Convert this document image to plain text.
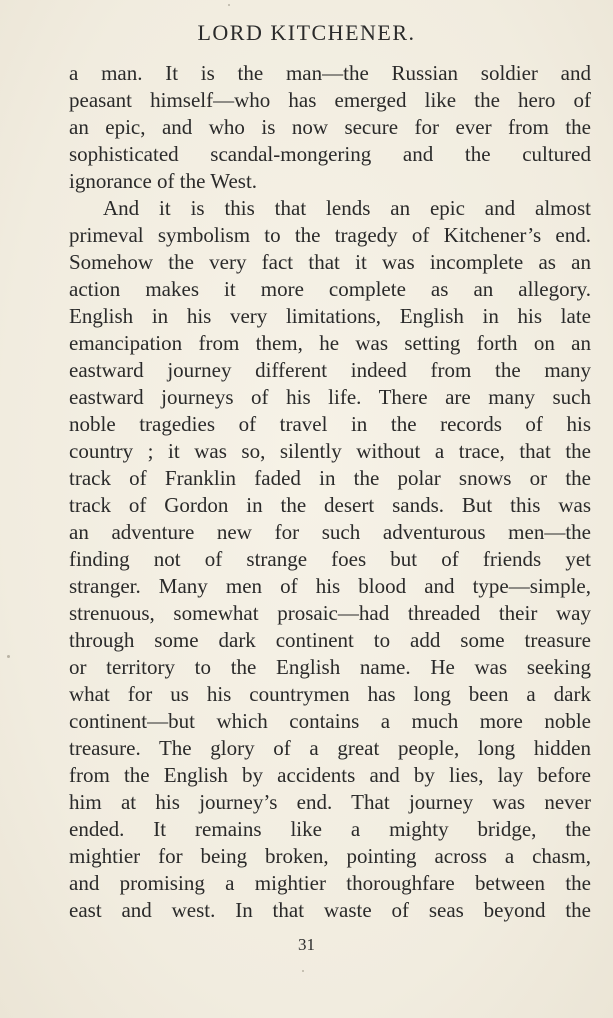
LORD KITCHENER.
a man. It is the man—the Russian soldier and
peasant himself—who has emerged like the hero of
an epic, and who is now secure for ever from the
sophisticated scandal-mongering and the cultured
ignorance of the West.
And it is this that lends an epic and almost
primeval symbolism to the tragedy of Kitchener’s end.
Somehow the very fact that it was incomplete as an
action makes it more complete as an allegory.
English in his very limitations, English in his late
emancipation from them, he was setting forth on an
eastward journey different indeed from the many
eastward journeys of his life. There are many such
noble tragedies of travel in the records of his
country ; it was so, silently without a trace, that the
track of Franklin faded in the polar snows or the
track of Gordon in the desert sands. But this was
an adventure new for such adventurous men—the
finding not of strange foes but of friends yet
stranger. Many men of his blood and type—simple,
strenuous, somewhat prosaic—had threaded their way
through some dark continent to add some treasure
or territory to the English name. He was seeking
what for us his countrymen has long been a dark
continent—but which contains a much more noble
treasure. The glory of a great people, long hidden
from the English by accidents and by lies, lay before
him at his journey’s end. That journey was never
ended. It remains like a mighty bridge, the
mightier for being broken, pointing across a chasm,
and promising a mightier thoroughfare between the
east and west. In that waste of seas beyond the
31
